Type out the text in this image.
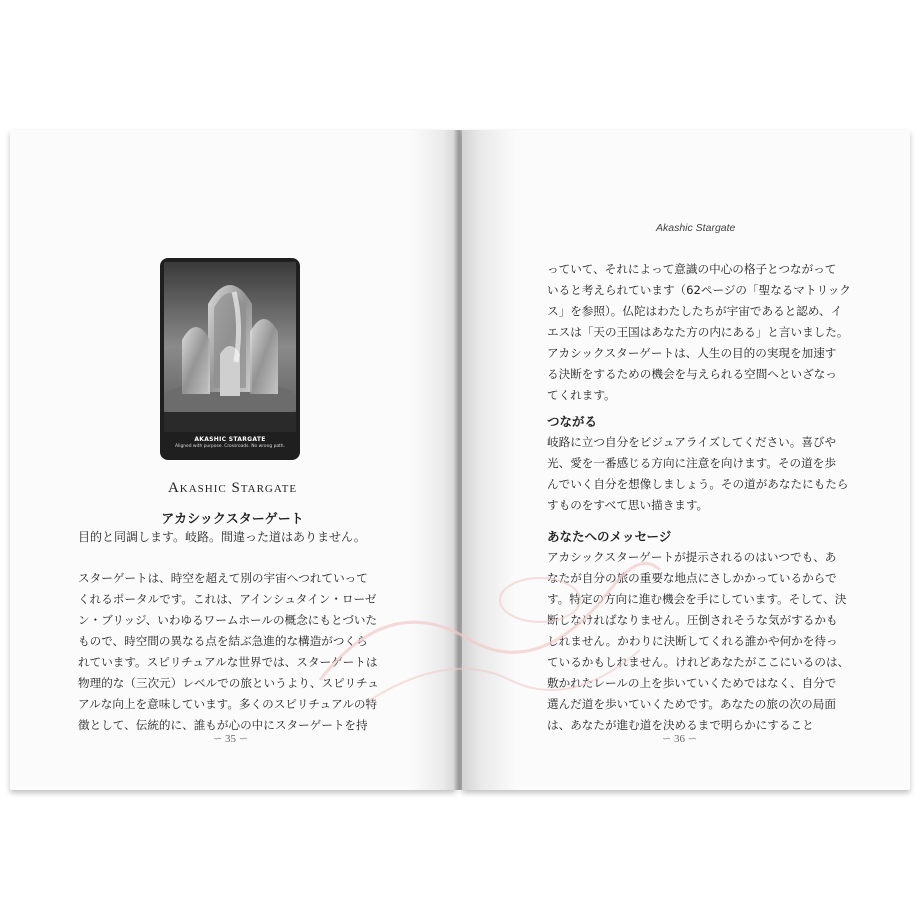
AKASHIC STARGATE
Aligned with purpose. Crossroads. No wrong path.
Akashic Stargate
アカシックスターゲート
目的と同調します。岐路。間違った道はありません。
スターゲートは、時空を超えて別の宇宙へつれていって
くれるポータルです。これは、アインシュタイン・ローゼ
ン・ブリッジ、いわゆるワームホールの概念にもとづいた
もので、時空間の異なる点を結ぶ急進的な構造がつくら
れています。スピリチュアルな世界では、スターゲートは
物理的な（三次元）レベルでの旅というより、スピリチュ
アルな向上を意味しています。多くのスピリチュアルの特
徴として、伝統的に、誰もが心の中にスターゲートを持
∽ 35 ∽
Akashic Stargate
っていて、それによって意識の中心の格子とつながって
いると考えられています（62ページの「聖なるマトリック
ス」を参照）。仏陀はわたしたちが宇宙であると認め、イ
エスは「天の王国はあなた方の内にある」と言いました。
アカシックスターゲートは、人生の目的の実現を加速す
る決断をするための機会を与えられる空間へといざなっ
てくれます。
つながる
岐路に立つ自分をビジュアライズしてください。喜びや
光、愛を一番感じる方向に注意を向けます。その道を歩
んでいく自分を想像しましょう。その道があなたにもたら
すものをすべて思い描きます。
あなたへのメッセージ
アカシックスターゲートが提示されるのはいつでも、あ
なたが自分の旅の重要な地点にさしかかっているからで
す。特定の方向に進む機会を手にしています。そして、決
断しなければなりません。圧倒されそうな気がするかも
しれません。かわりに決断してくれる誰かや何かを待っ
ているかもしれません。けれどあなたがここにいるのは、
敷かれたレールの上を歩いていくためではなく、自分で
選んだ道を歩いていくためです。あなたの旅の次の局面
は、あなたが進む道を決めるまで明らかにすること
∽ 36 ∽
